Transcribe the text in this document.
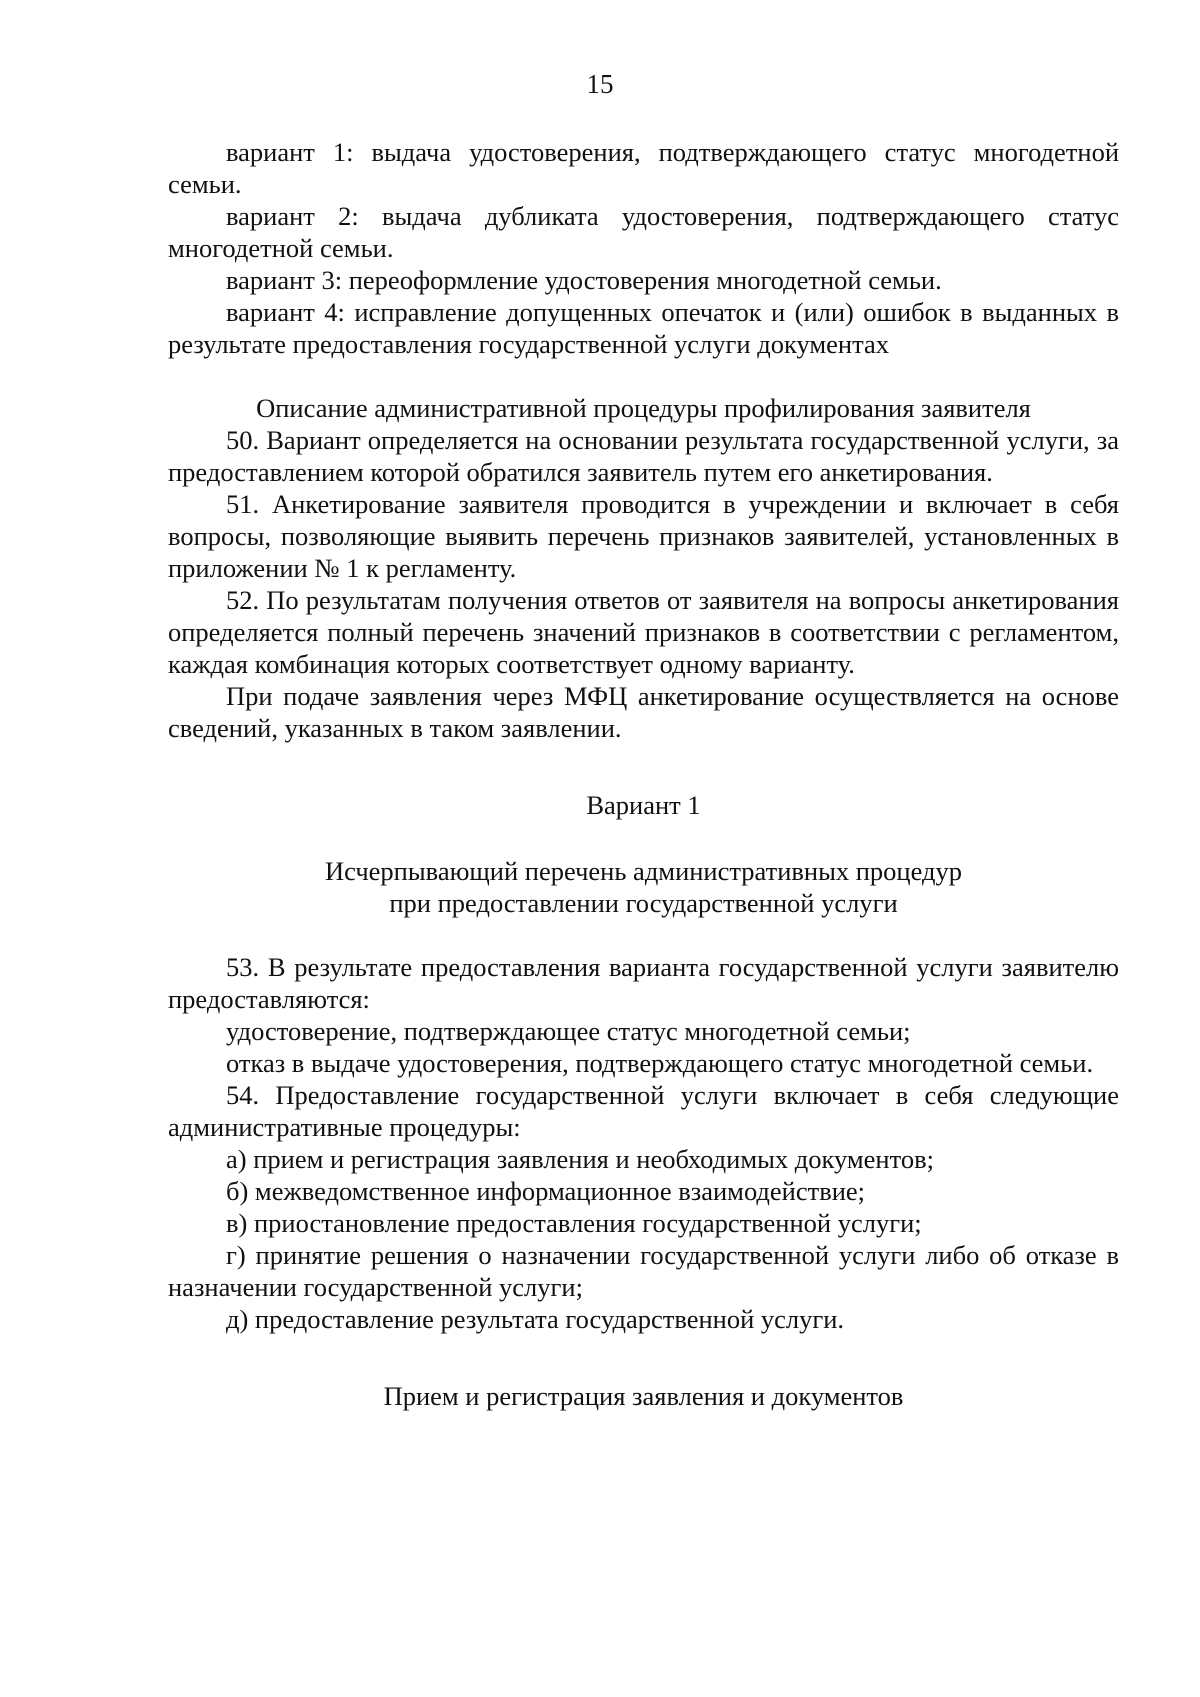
15

вариант 1: выдача удостоверения, подтверждающего статус многодетной семьи.

вариант 2: выдача дубликата удостоверения, подтверждающего статус многодетной семьи.

вариант 3: переоформление удостоверения многодетной семьи.

вариант 4: исправление допущенных опечаток и (или) ошибок в выданных в результате предоставления государственной услуги документах

Описание административной процедуры профилирования заявителя

50. Вариант определяется на основании результата государственной услуги, за предоставлением которой обратился заявитель путем его анкетирования.

51. Анкетирование заявителя проводится в учреждении и включает в себя вопросы, позволяющие выявить перечень признаков заявителей, установленных в приложении № 1 к регламенту.

52. По результатам получения ответов от заявителя на вопросы анкетирования определяется полный перечень значений признаков в соответствии с регламентом, каждая комбинация которых соответствует одному варианту.

При подаче заявления через МФЦ анкетирование осуществляется на основе сведений, указанных в таком заявлении.

Вариант 1

Исчерпывающий перечень административных процедур

при предоставлении государственной услуги

53. В результате предоставления варианта государственной услуги заявителю предоставляются:

удостоверение, подтверждающее статус многодетной семьи;

отказ в выдаче удостоверения, подтверждающего статус многодетной семьи.

54. Предоставление государственной услуги включает в себя следующие административные процедуры:

а) прием и регистрация заявления и необходимых документов;

б) межведомственное информационное взаимодействие;

в) приостановление предоставления государственной услуги;

г) принятие решения о назначении государственной услуги либо об отказе в назначении государственной услуги;

д) предоставление результата государственной услуги.

Прием и регистрация заявления и документов
